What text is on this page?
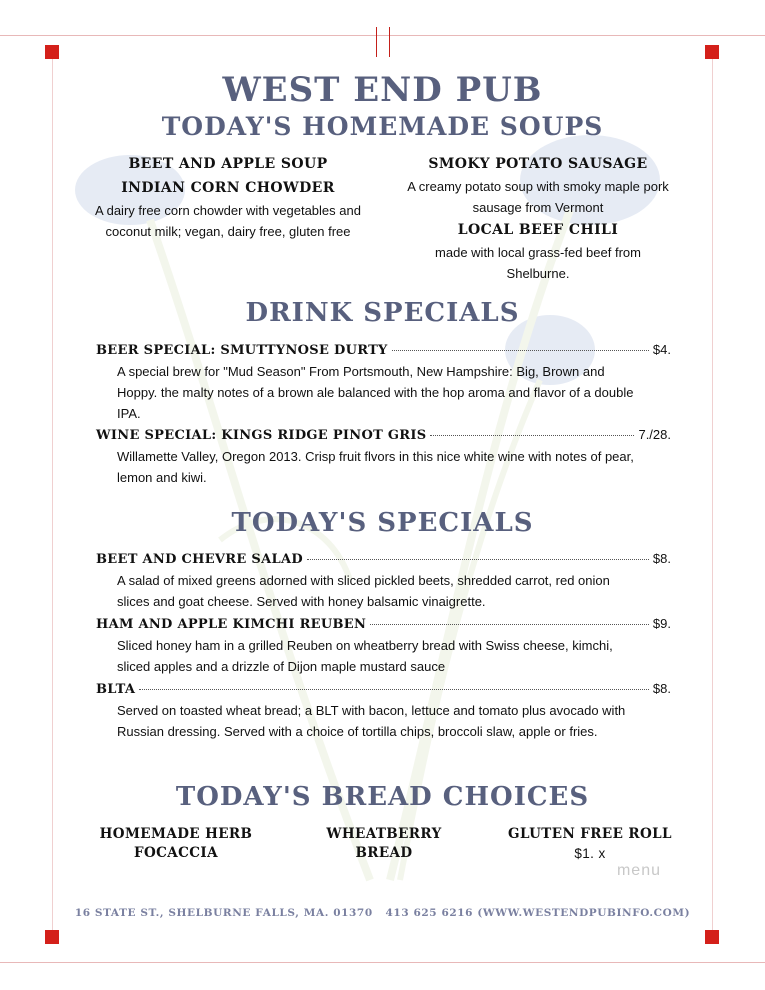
WEST END PUB
TODAY'S HOMEMADE SOUPS
BEET AND APPLE SOUP
INDIAN CORN CHOWDER
A dairy free corn chowder with vegetables and coconut milk; vegan, dairy free, gluten free
SMOKY POTATO SAUSAGE
A creamy potato soup with smoky maple pork sausage from Vermont
LOCAL BEEF CHILI
made with local grass-fed beef from Shelburne.
DRINK SPECIALS
BEER SPECIAL: SMUTTYNOSE DURTY	$4.
A special brew for "Mud Season" From Portsmouth, New Hampshire: Big, Brown and Hoppy. the malty notes of a brown ale balanced with the hop aroma and flavor of a double IPA.
WINE SPECIAL: KINGS RIDGE PINOT GRIS	7./28.
Willamette Valley, Oregon 2013. Crisp fruit flvors in this nice white wine with notes of pear, lemon and kiwi.
TODAY'S SPECIALS
BEET AND CHEVRE SALAD	$8.
A salad of mixed greens adorned with sliced pickled beets, shredded carrot, red onion slices and goat cheese. Served with honey balsamic vinaigrette.
HAM AND APPLE KIMCHI REUBEN	$9.
Sliced honey ham in a grilled Reuben on wheatberry bread with Swiss cheese, kimchi, sliced apples and a drizzle of Dijon maple mustard sauce
BLTA	$8.
Served on toasted wheat bread; a BLT with bacon, lettuce and tomato plus avocado with Russian dressing. Served with a choice of tortilla chips, broccoli slaw, apple or fries.
TODAY'S BREAD CHOICES
HOMEMADE HERB
FOCACCIA
WHEATBERRY
BREAD
GLUTEN FREE ROLL
$1. x
menu
16 STATE ST., SHELBURNE FALLS, MA. 01370   413 625 6216 (WWW.WESTENDPUBINFO.COM)
